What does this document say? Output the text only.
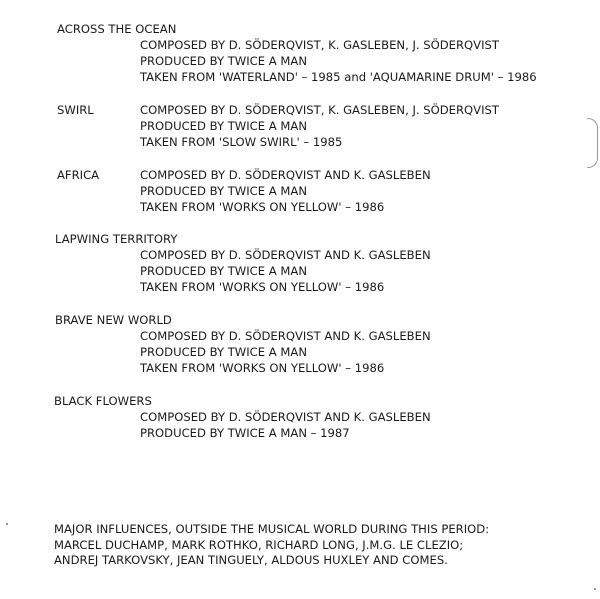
ACROSS THE OCEAN
COMPOSED BY D. SÖDERQVIST, K. GASLEBEN, J. SÖDERQVIST
PRODUCED BY TWICE A MAN
TAKEN FROM 'WATERLAND' – 1985 and 'AQUAMARINE DRUM' – 1986
SWIRL	COMPOSED BY D. SÖDERQVIST, K. GASLEBEN, J. SÖDERQVIST
PRODUCED BY TWICE A MAN
TAKEN FROM 'SLOW SWIRL' – 1985
AFRICA	COMPOSED BY D. SÖDERQVIST AND K. GASLEBEN
PRODUCED BY TWICE A MAN
TAKEN FROM 'WORKS ON YELLOW' – 1986
LAPWING TERRITORY
COMPOSED BY D. SÖDERQVIST AND K. GASLEBEN
PRODUCED BY TWICE A MAN
TAKEN FROM 'WORKS ON YELLOW' – 1986
BRAVE NEW WORLD
COMPOSED BY D. SÖDERQVIST AND K. GASLEBEN
PRODUCED BY TWICE A MAN
TAKEN FROM 'WORKS ON YELLOW' – 1986
BLACK FLOWERS
COMPOSED BY D. SÖDERQVIST AND K. GASLEBEN
PRODUCED BY TWICE A MAN – 1987
MAJOR INFLUENCES, OUTSIDE THE MUSICAL WORLD DURING THIS PERIOD:
MARCEL DUCHAMP, MARK ROTHKO, RICHARD LONG, J.M.G. LE CLEZIO;
ANDREJ TARKOVSKY, JEAN TINGUELY, ALDOUS HUXLEY AND COMES.
